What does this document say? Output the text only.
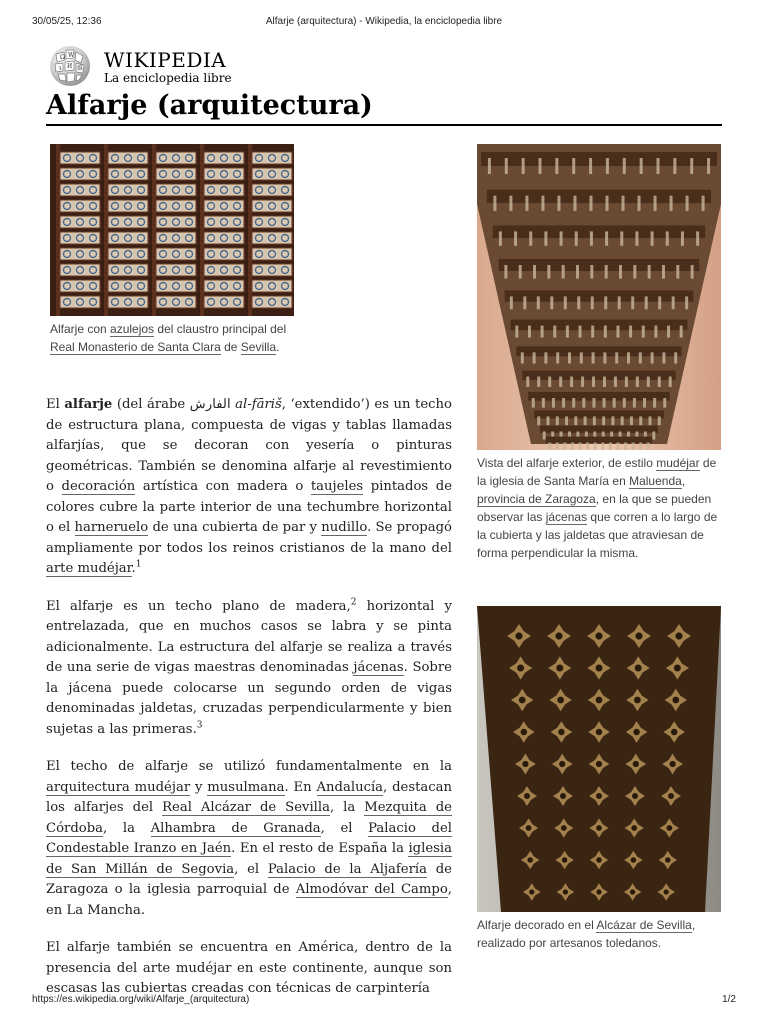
30/05/25, 12:36	Alfarje (arquitectura) - Wikipedia, la enciclopedia libre
Ω W
И 維
ว WIKIPEDIA
La enciclopedia libre
Alfarje (arquitectura)
Alfarje con azulejos del claustro principal del Real Monasterio de Santa Clara de Sevilla.
Vista del alfarje exterior, de estilo mudéjar de la iglesia de Santa María en Maluenda, provincia de Zaragoza, en la que se pueden observar las jácenas que corren a lo largo de la cubierta y las jaldetas que atraviesan de forma perpendicular la misma.
Alfarje decorado en el Alcázar de Sevilla, realizado por artesanos toledanos.

El alfarje (del árabe الفارش al-fāriš, ‘extendido’) es un techo de estructura plana, compuesta de vigas y tablas llamadas alfarjías, que se decoran con yesería o pinturas geométricas. También se denomina alfarje al revestimiento o decoración artística con madera o taujeles pintados de colores cubre la parte interior de una techumbre horizontal o el harneruelo de una cubierta de par y nudillo. Se propagó ampliamente por todos los reinos cristianos de la mano del arte mudéjar.$^1$

El alfarje es un techo plano de madera,$^2$ horizontal y entrelazada, que en muchos casos se labra y se pinta adicionalmente. La estructura del alfarje se realiza a través de una serie de vigas maestras denominadas jácenas. Sobre la jácena puede colocarse un segundo orden de vigas denominadas jaldetas, cruzadas perpendicularmente y bien sujetas a las primeras.$^3$

El techo de alfarje se utilizó fundamentalmente en la arquitectura mudéjar y musulmana. En Andalucía, destacan los alfarjes del Real Alcázar de Sevilla, la Mezquita de Córdoba, la Alhambra de Granada, el Palacio del Condestable Iranzo en Jaén. En el resto de España la iglesia de San Millán de Segovia, el Palacio de la Aljafería de Zaragoza o la iglesia parroquial de Almodóvar del Campo, en La Mancha.

El alfarje también se encuentra en América, dentro de la presencia del arte mudéjar en este continente, aunque son escasas las cubiertas creadas con técnicas de carpintería

https://es.wikipedia.org/wiki/Alfarje_(arquitectura)	1/2
